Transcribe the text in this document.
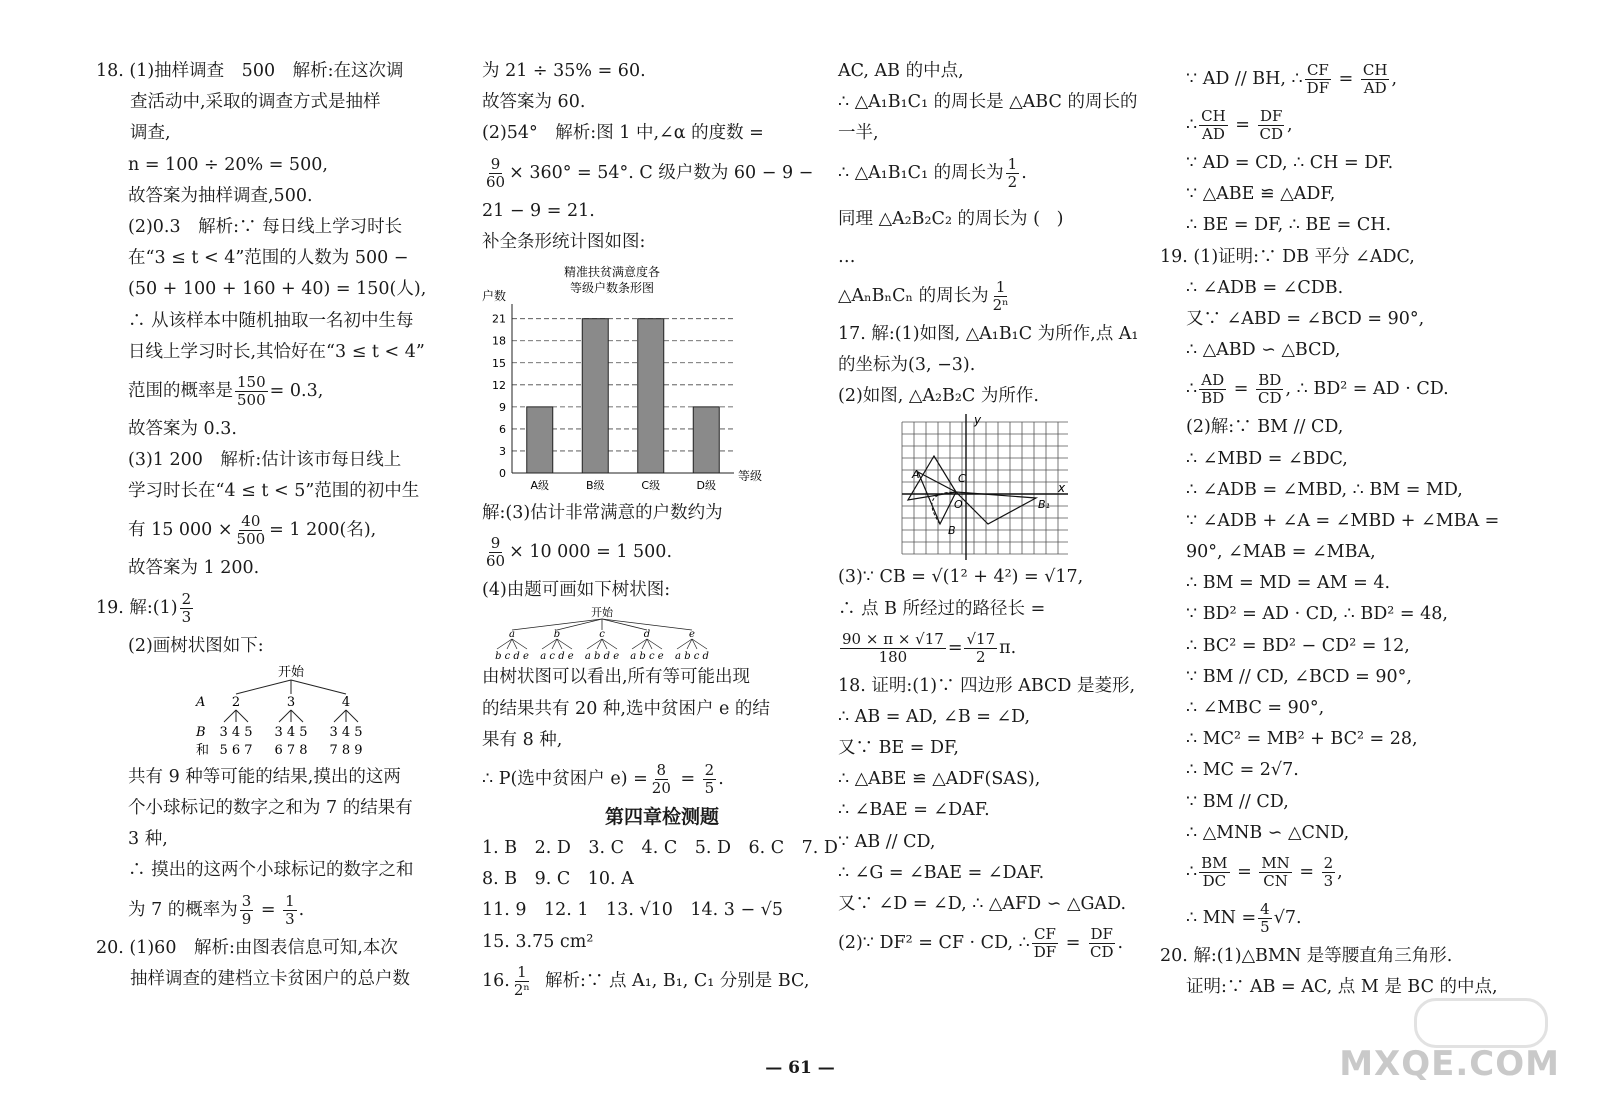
18. (1)抽样调查　500　解析:在这次调
查活动中,采取的调查方式是抽样
调查,
n = 100 ÷ 20% = 500,
故答案为抽样调查,500.
(2)0.3　解析:∵ 每日线上学习时长
在“3 ≤ t < 4”范围的人数为 500 −
(50 + 100 + 160 + 40) = 150(人),
∴ 从该样本中随机抽取一名初中生每
日线上学习时长,其恰好在“3 ≤ t < 4”
范围的概率是 $\frac{150}{500} = 0.3$,
故答案为 0.3.
(3)1 200　解析:估计该市每日线上
学习时长在“4 ≤ t < 5”范围的初中生
有 15 $000 \times \frac{40}{500} = 1$ 200(名),
故答案为 1 200.
19. 解:(1) $\frac{2}{3}$
(2)画树状图如下:
开始
A 2	3	4
B 3 4 5 3 4 5 3 4 5
和 5 6 7 6 7 8 7 8 9
共有 9 种等可能的结果,摸出的这两
个小球标记的数字之和为 7 的结果有
3 种,
∴ 摸出的这两个小球标记的数字之和
为 7 的概率为 $\frac{3}{9} = \frac{1}{3}$ .
20. (1)60　解析:由图表信息可知,本次
抽样调查的建档立卡贫困户的总户数
为 21 ÷ 35% = 60.
故答案为 60.
(2)54°　解析:图 1 中,∠α 的度数 =
$\frac{9}{60} \times 360^\circ = 54^\circ$. C 级户数为 60 − 9 −
21 − 9 = 21.
补全条形统计图如图:
精准扶贫满意度各
等级户数条形图
户数
等级
0
3
6
9
12
15
18
21
A级	B级	C级	D级
解:(3)估计非常满意的户数约为
$\frac{9}{60} \times 10$ 000 = 1 500.
(4)由题可画如下树状图:
开始
a
b c d e
b
a c d e
c
a b d e
d
a b c e
e
a b c d
由树状图可以看出,所有等可能出现
的结果共有 20 种,选中贫困户 e 的结
果有 8 种,
∴ P(选中贫困户 $e) = \frac{8}{20} = \frac{2}{5}$ .
第四章检测题
1. B　2. D　3. C　4. C　5. D　6. C　7. D
8. B　9. C　10. A
11. 9　12. 1　13. √10　14. 3 − √5
15. 3.75 cm²
16. $\frac{1}{\text{2ⁿ}}$ 解析:∵ 点 A₁, B₁, C₁ 分别是 BC,
AC, AB 的中点,
∴ △A₁B₁C₁ 的周长是 △ABC 的周长的
一半,
∴ △A₁B₁C₁ 的周长为 $\frac{1}{2}$ .
同理 △A₂B₂C₂ 的周长为 (   )
…
△AₙBₙCₙ 的周长为 $\frac{1}{\text{2ⁿ}}$
17. 解:(1)如图, △A₁B₁C 为所作,点 A₁
的坐标为(3, −3).
(2)如图, △A₂B₂C 为所作.
y
x
O
C
B₁
A
B
(3)∵ CB = √(1² + 4²) = √17,
∴ 点 B 所经过的路径长 =
$\frac{90 \times \pi \times √17}{180} = \frac{√17}{2} \pi$.
18. 证明:(1)∵ 四边形 ABCD 是菱形,
∴ AB = AD, ∠B = ∠D,
又∵ BE = DF,
∴ △ABE ≌ △ADF(SAS),
∴ ∠BAE = ∠DAF.
∵ AB // CD,
∴ ∠G = ∠BAE = ∠DAF.
又∵ ∠D = ∠D, ∴ △AFD ∽ △GAD.
(2)∵ DF² = CF · CD, ∴ $\frac{CF}{DF} = \frac{DF}{CD}$ .
∵ AD // BH, ∴ $\frac{CF}{DF} = \frac{CH}{AD}$ ,
∴ $\frac{CH}{AD} = \frac{DF}{CD}$ ,
∵ AD = CD, ∴ CH = DF.
∵ △ABE ≌ △ADF,
∴ BE = DF, ∴ BE = CH.
19. (1)证明:∵ DB 平分 ∠ADC,
∴ ∠ADB = ∠CDB.
又∵ ∠ABD = ∠BCD = 90°,
∴ △ABD ∽ △BCD,
∴ $\frac{AD}{BD} = \frac{BD}{CD}$ , ∴ BD² = AD · CD.
(2)解:∵ BM // CD,
∴ ∠MBD = ∠BDC,
∴ ∠ADB = ∠MBD, ∴ BM = MD,
∵ ∠ADB + ∠A = ∠MBD + ∠MBA =
90°, ∠MAB = ∠MBA,
∴ BM = MD = AM = 4.
∵ BD² = AD · CD, ∴ BD² = 48,
∴ BC² = BD² − CD² = 12,
∵ BM // CD, ∠BCD = 90°,
∴ ∠MBC = 90°,
∴ MC² = MB² + BC² = 28,
∴ MC = 2√7.
∵ BM // CD,
∴ △MNB ∽ △CND,
∴ $\frac{BM}{DC} = \frac{MN}{CN} = \frac{2}{3}$ ,
∴ MN = $\frac{4}{5} √7$.
20. 解:(1)△BMN 是等腰直角三角形.
证明:∵ AB = AC, 点 M 是 BC 的中点,
— 61 —	MXQE.COM
